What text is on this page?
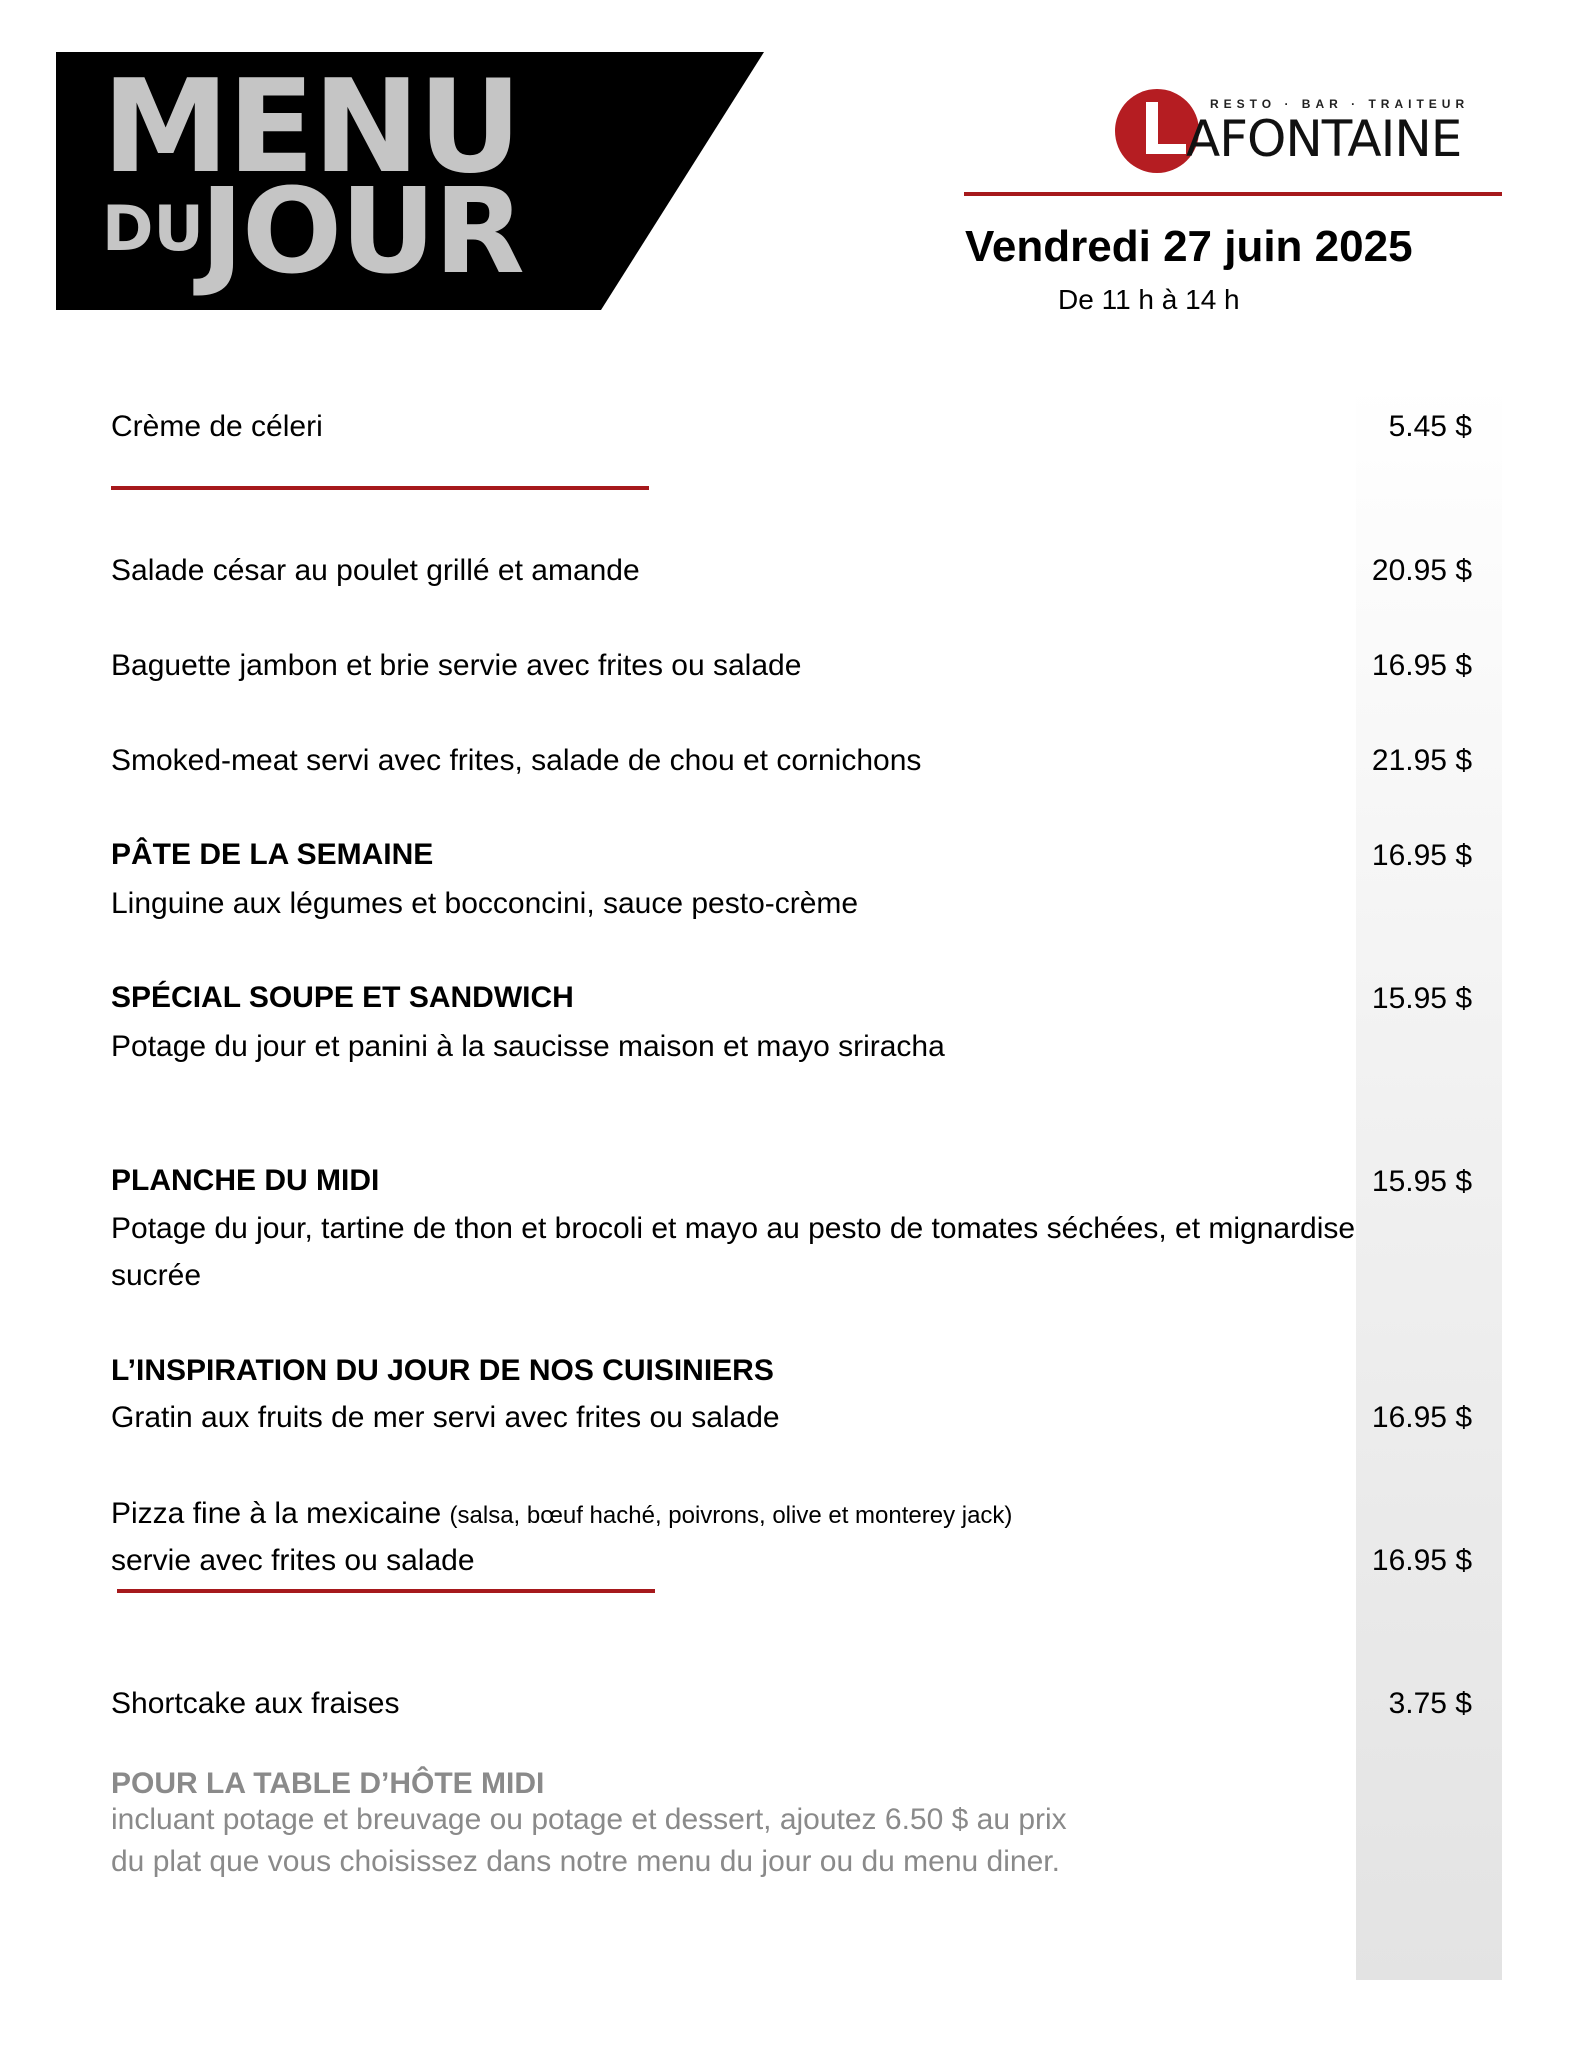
MENU
DU
JOUR
RESTO · BAR · TRAITEUR
AFONTAINE
Vendredi 27 juin 2025
De 11 h à 14 h
Crème de céleri	5.45 $
Salade césar au poulet grillé et amande	20.95 $
Baguette jambon et brie servie avec frites ou salade	16.95 $
Smoked-meat servi avec frites, salade de chou et cornichons	21.95 $
PÂTE DE LA SEMAINE	16.95 $
Linguine aux légumes et bocconcini, sauce pesto-crème
SPÉCIAL SOUPE ET SANDWICH	15.95 $
Potage du jour et panini à la saucisse maison et mayo sriracha
PLANCHE DU MIDI	15.95 $
Potage du jour, tartine de thon et brocoli et mayo au pesto de tomates séchées, et mignardise
sucrée
L’INSPIRATION DU JOUR DE NOS CUISINIERS
Gratin aux fruits de mer servi avec frites ou salade	16.95 $
Pizza fine à la mexicaine (salsa, bœuf haché, poivrons, olive et monterey jack)
servie avec frites ou salade	16.95 $
Shortcake aux fraises	3.75 $
POUR LA TABLE D’HÔTE MIDI
incluant potage et breuvage ou potage et dessert, ajoutez 6.50 $ au prix
du plat que vous choisissez dans notre menu du jour ou du menu diner.
